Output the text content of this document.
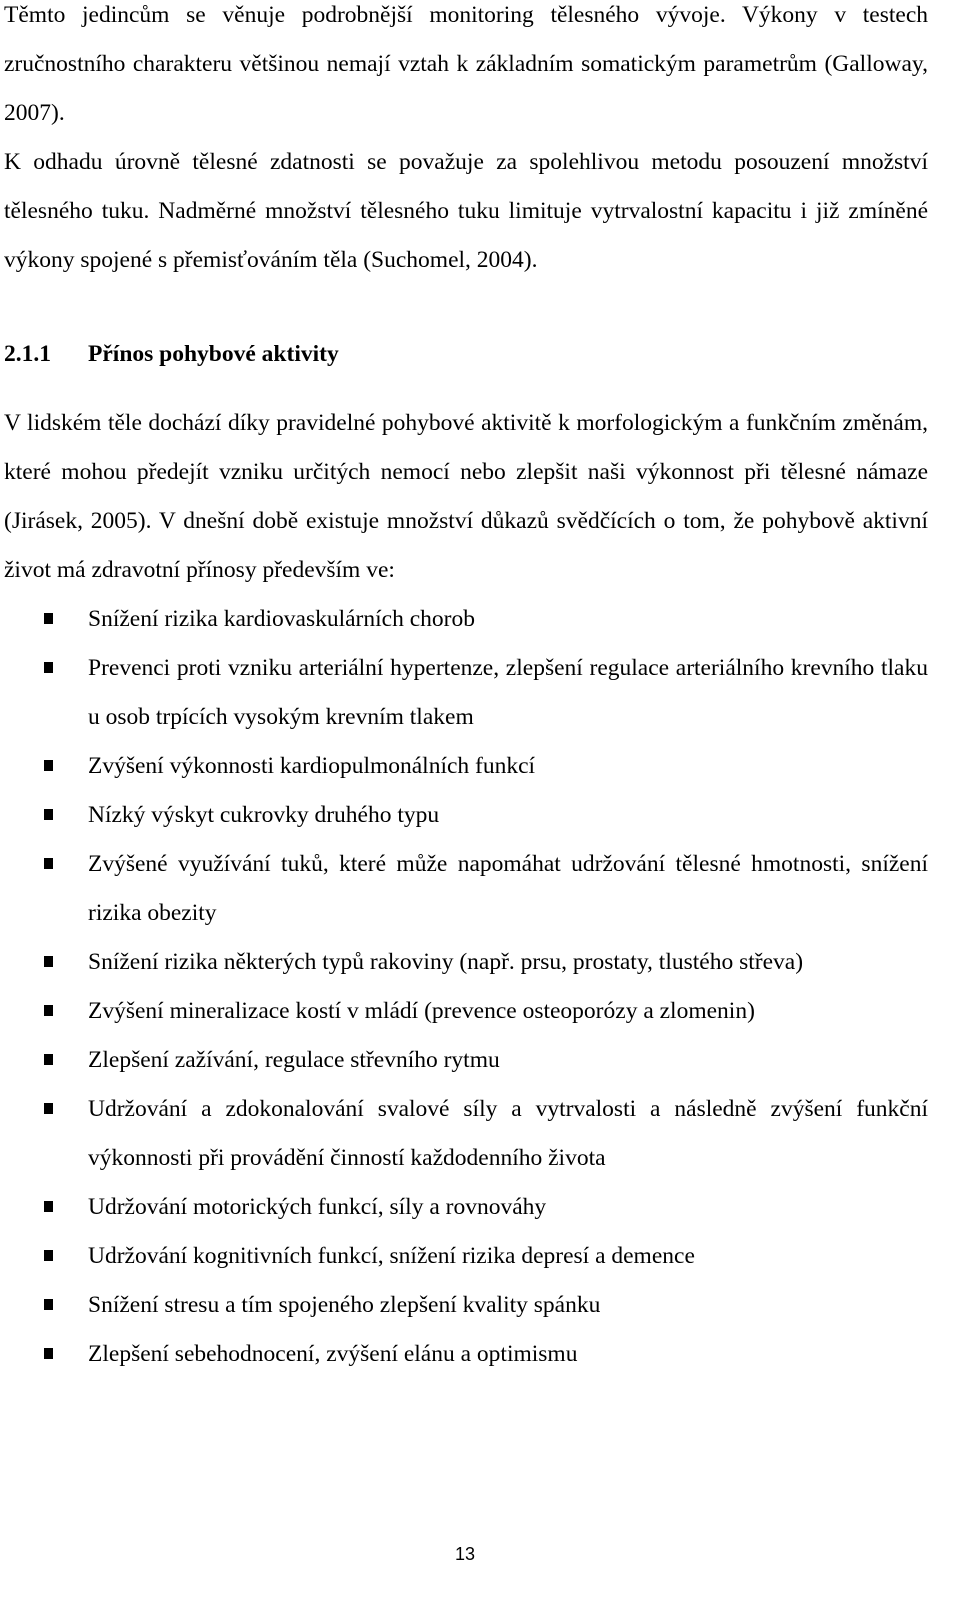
Těmto jedincům se věnuje podrobnější monitoring tělesného vývoje. Výkony v testech zručnostního charakteru většinou nemají vztah k základním somatickým parametrům (Galloway, 2007).

K odhadu úrovně tělesné zdatnosti se považuje za spolehlivou metodu posouzení množství tělesného tuku. Nadměrné množství tělesného tuku limituje vytrvalostní kapacitu i již zmíněné výkony spojené s přemisťováním těla (Suchomel, 2004).

2.1.1 Přínos pohybové aktivity

V lidském těle dochází díky pravidelné pohybové aktivitě k morfologickým a funkčním změnám, které mohou předejít vzniku určitých nemocí nebo zlepšit naši výkonnost při tělesné námaze (Jirásek, 2005). V dnešní době existuje množství důkazů svědčících o tom, že pohybově aktivní život má zdravotní přínosy především ve:

Snížení rizika kardiovaskulárních chorob
Prevenci proti vzniku arteriální hypertenze, zlepšení regulace arteriálního krevního tlaku u osob trpících vysokým krevním tlakem
Zvýšení výkonnosti kardiopulmonálních funkcí
Nízký výskyt cukrovky druhého typu
Zvýšené využívání tuků, které může napomáhat udržování tělesné hmotnosti, snížení rizika obezity
Snížení rizika některých typů rakoviny (např. prsu, prostaty, tlustého střeva)
Zvýšení mineralizace kostí v mládí (prevence osteoporózy a zlomenin)
Zlepšení zažívání, regulace střevního rytmu
Udržování a zdokonalování svalové síly a vytrvalosti a následně zvýšení funkční výkonnosti při provádění činností každodenního života
Udržování motorických funkcí, síly a rovnováhy
Udržování kognitivních funkcí, snížení rizika depresí a demence
Snížení stresu a tím spojeného zlepšení kvality spánku
Zlepšení sebehodnocení, zvýšení elánu a optimismu
13
